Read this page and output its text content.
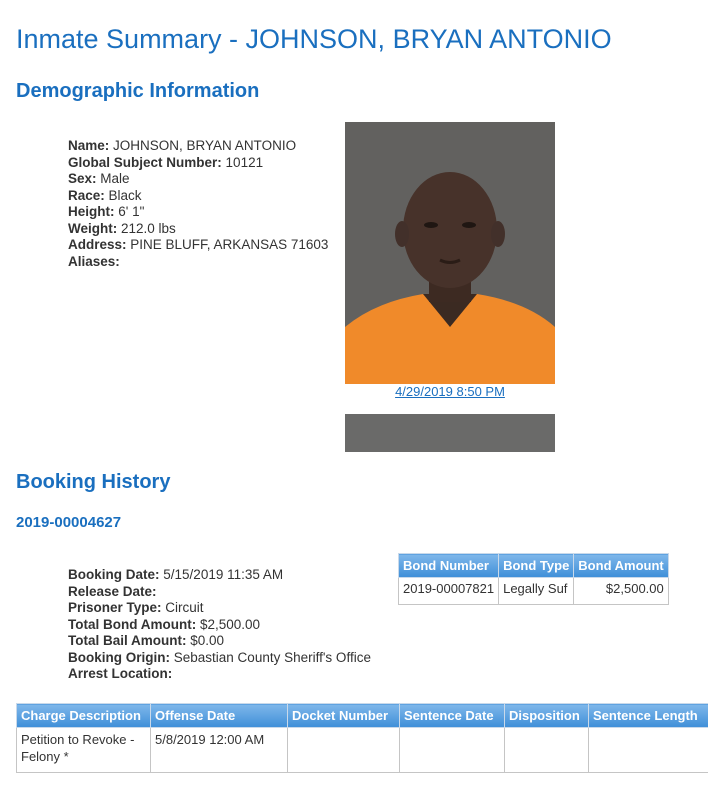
Inmate Summary - JOHNSON, BRYAN ANTONIO
Demographic Information
Name: JOHNSON, BRYAN ANTONIO
Global Subject Number: 10121
Sex: Male
Race: Black
Height: 6' 1"
Weight: 212.0 lbs
Address: PINE BLUFF, ARKANSAS 71603
Aliases:
4/29/2019 8:50 PM
Booking History
2019-00004627
Booking Date: 5/15/2019 11:35 AM
Release Date:
Prisoner Type: Circuit
Total Bond Amount: $2,500.00
Total Bail Amount: $0.00
Booking Origin: Sebastian County Sheriff's Office
Arrest Location:
Bond Number	Bond Type	Bond Amount
2019-00007821	Legally Suf	$2,500.00
Charge Description	Offense Date	Docket Number	Sentence Date	Disposition	Sentence Length
Petition to Revoke - Felony *	5/8/2019 12:00 AM				
